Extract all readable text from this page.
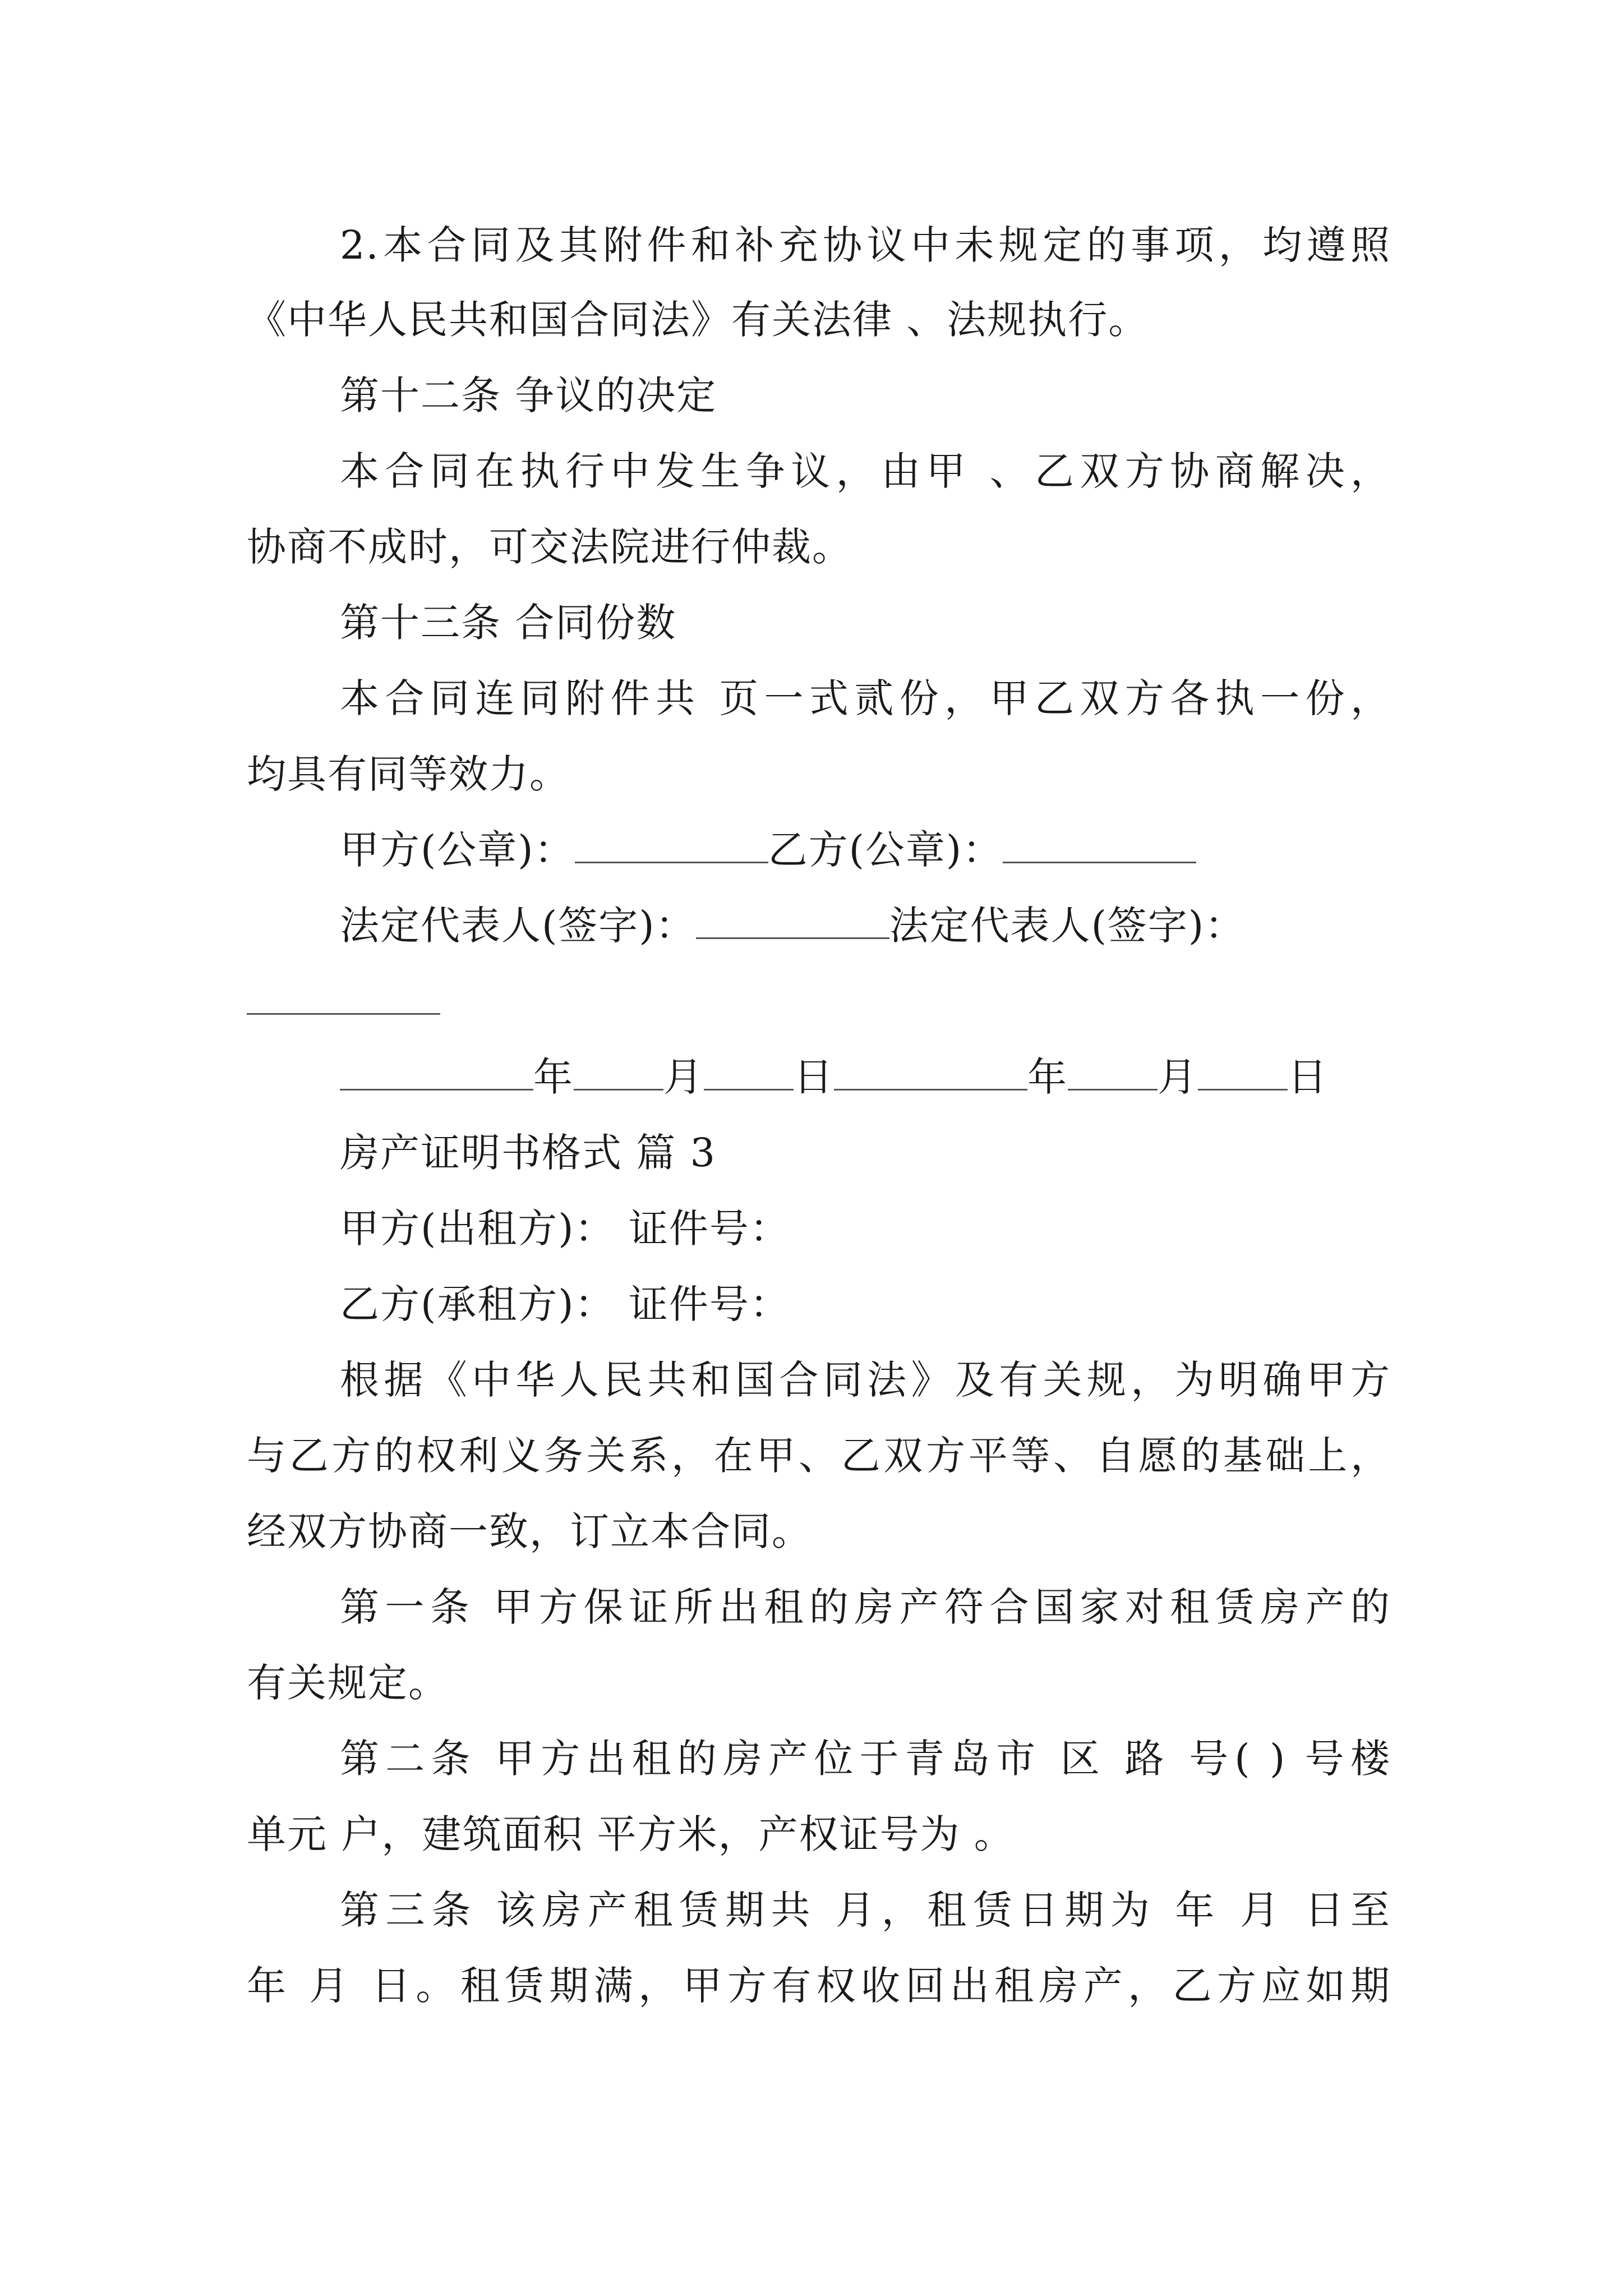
2.本合同及其附件和补充协议中未规定的事项，均遵照
《中华人民共和国合同法》有关法律 、法规执行。
第十二条 争议的决定
本合同在执行中发生争议，由甲 、乙双方协商解决，
协商不成时，可交法院进行仲裁。
第十三条 合同份数
本合同连同附件共 页一式贰份，甲乙双方各执一份，
均具有同等效力。
甲方(公章)：	乙方(公章)：
法定代表人(签字)：	法定代表人(签字)：
年 月 日	年 月 日
房产证明书格式 篇 3
甲方(出租方)： 证件号：
乙方(承租方)： 证件号：
根据《中华人民共和国合同法》及有关规，为明确甲方
与乙方的权利义务关系，在甲、乙双方平等、自愿的基础上，
经双方协商一致，订立本合同。
第一条 甲方保证所出租的房产符合国家对租赁房产的
有关规定。
第二条 甲方出租的房产位于青岛市 区 路 号( ) 号楼
单元 户，建筑面积 平方米，产权证号为 。
第三条 该房产租赁期共 月，租赁日期为 年 月 日至
年 月 日。租赁期满，甲方有权收回出租房产，乙方应如期
